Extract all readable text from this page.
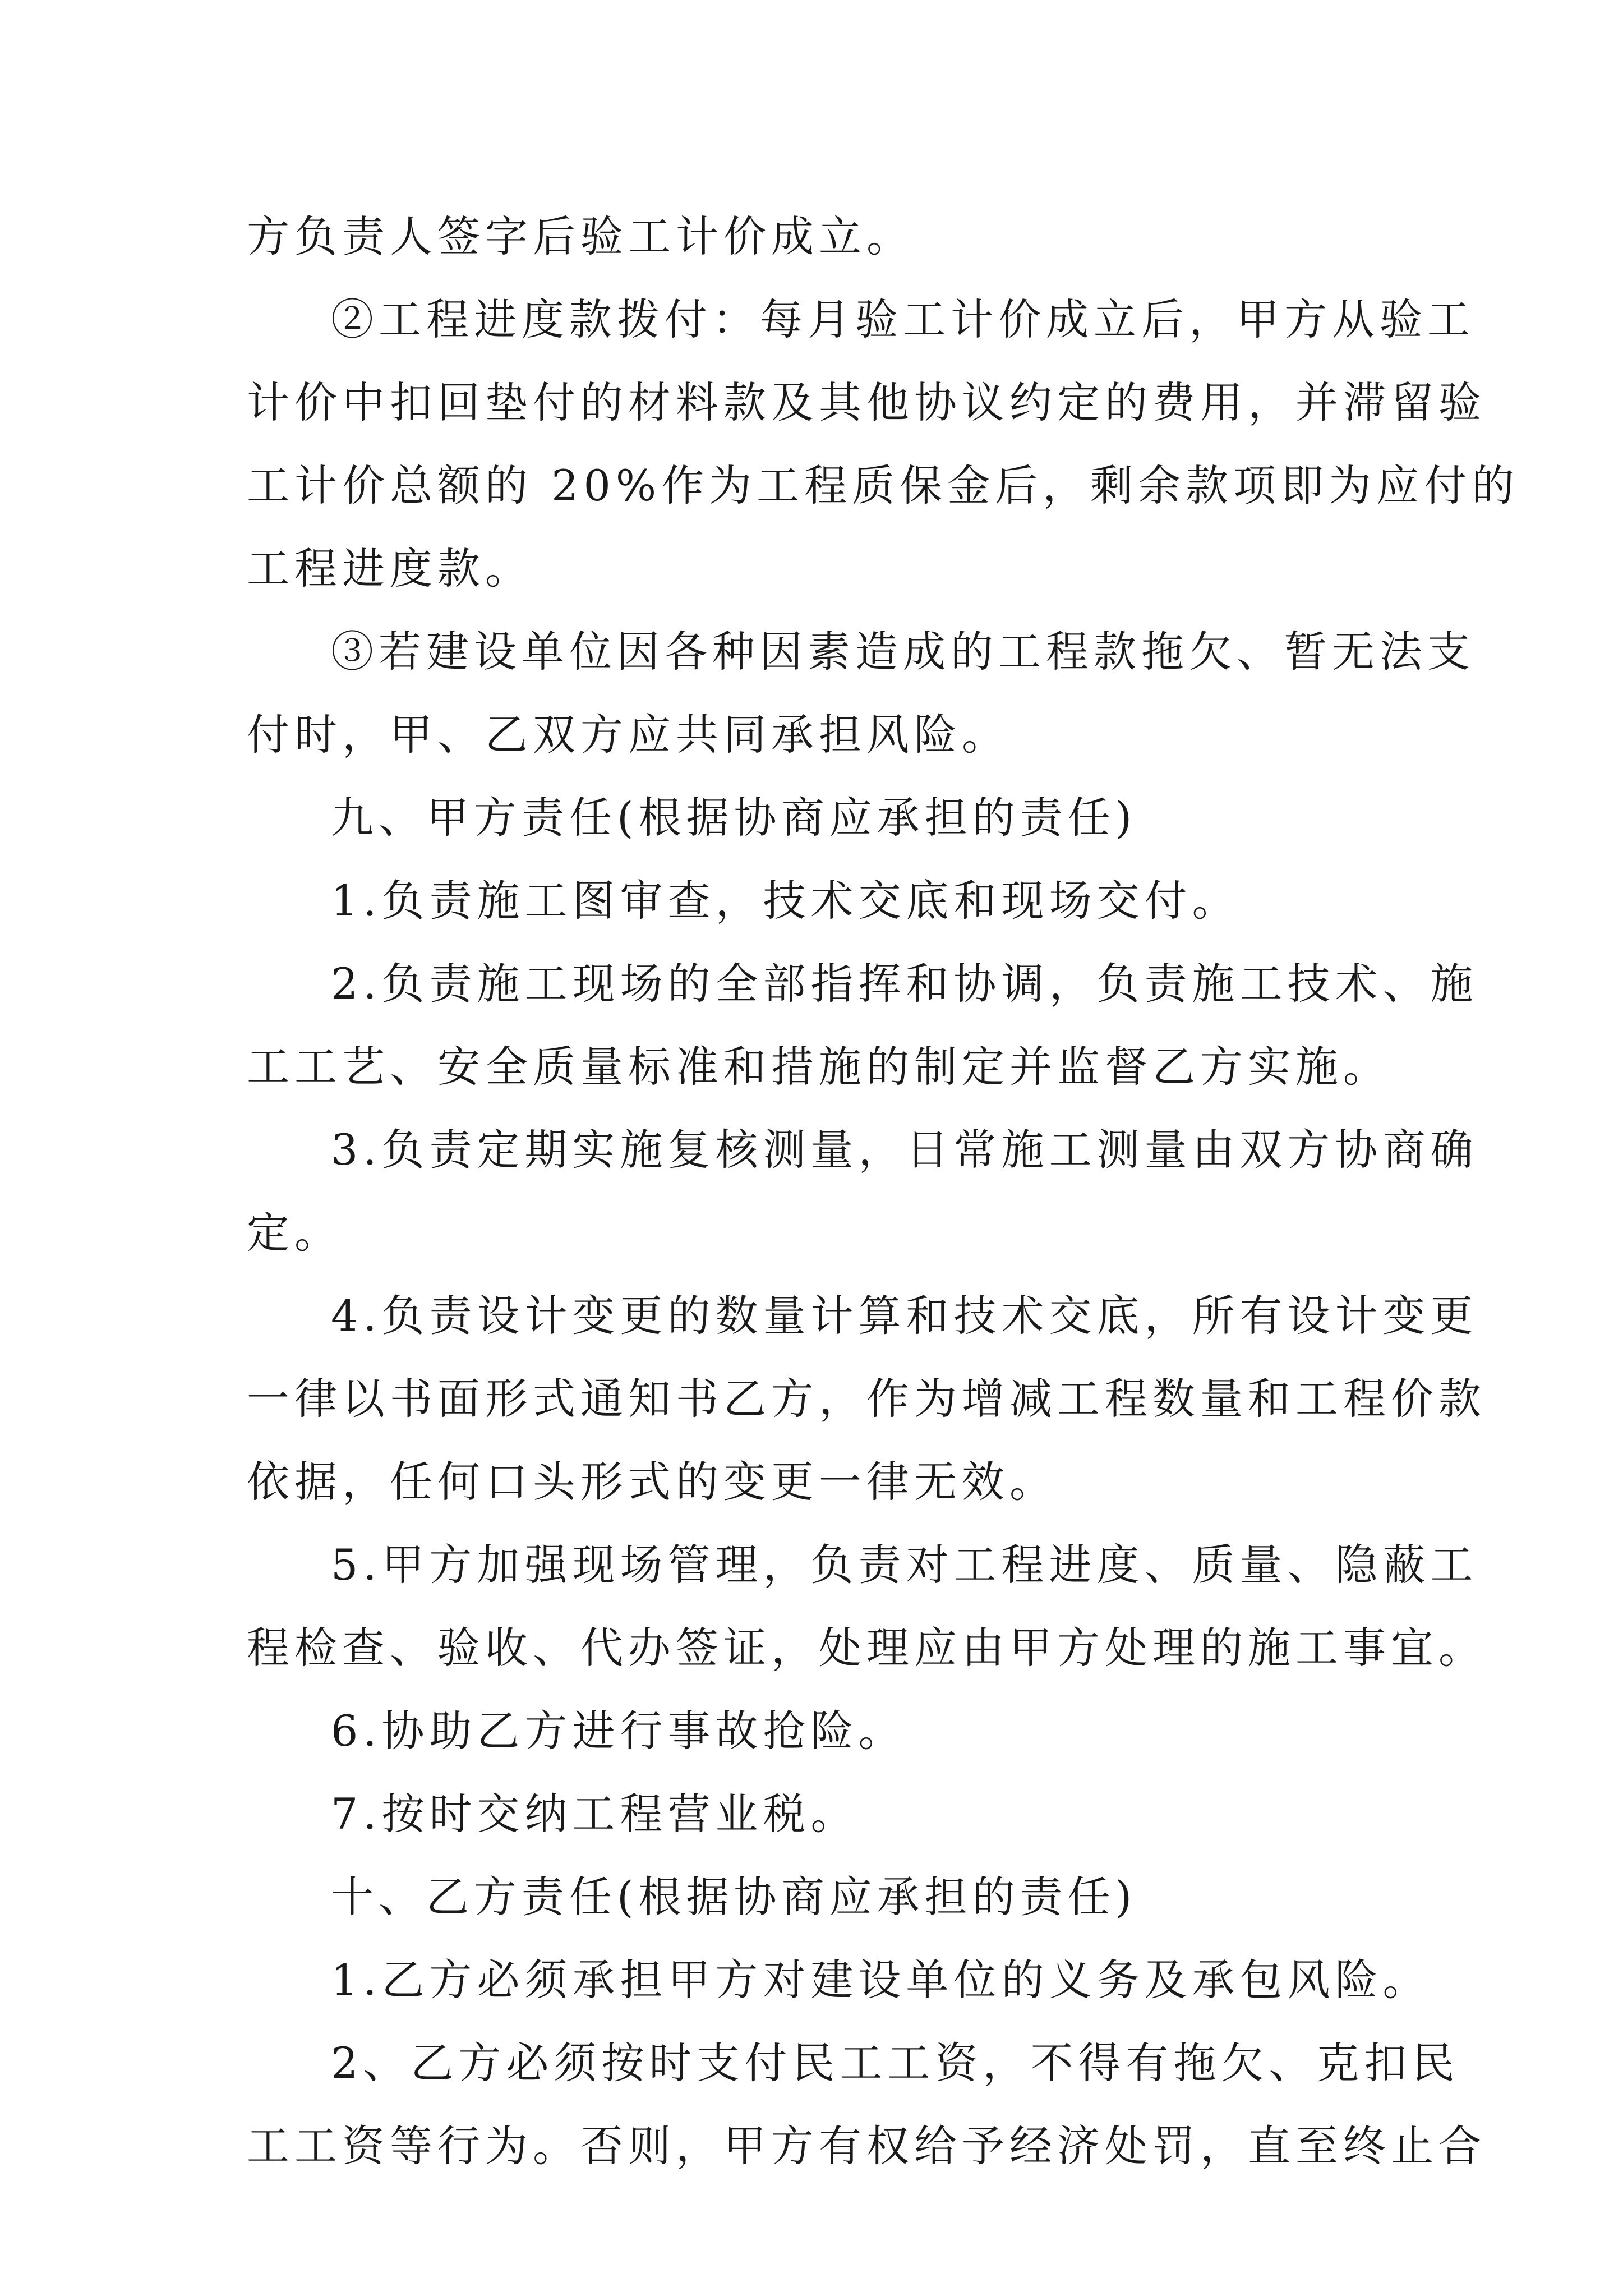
方负责人签字后验工计价成立。
②工程进度款拨付：每月验工计价成立后，甲方从验工
计价中扣回垫付的材料款及其他协议约定的费用，并滞留验
工计价总额的 20%作为工程质保金后，剩余款项即为应付的
工程进度款。
③若建设单位因各种因素造成的工程款拖欠、暂无法支
付时，甲、乙双方应共同承担风险。
九、甲方责任(根据协商应承担的责任)
1.负责施工图审查，技术交底和现场交付。
2.负责施工现场的全部指挥和协调，负责施工技术、施
工工艺、安全质量标准和措施的制定并监督乙方实施。
3.负责定期实施复核测量，日常施工测量由双方协商确
定。
4.负责设计变更的数量计算和技术交底，所有设计变更
一律以书面形式通知书乙方，作为增减工程数量和工程价款
依据，任何口头形式的变更一律无效。
5.甲方加强现场管理，负责对工程进度、质量、隐蔽工
程检查、验收、代办签证，处理应由甲方处理的施工事宜。
6.协助乙方进行事故抢险。
7.按时交纳工程营业税。
十、乙方责任(根据协商应承担的责任)
1.乙方必须承担甲方对建设单位的义务及承包风险。
2、乙方必须按时支付民工工资，不得有拖欠、克扣民
工工资等行为。否则，甲方有权给予经济处罚，直至终止合
